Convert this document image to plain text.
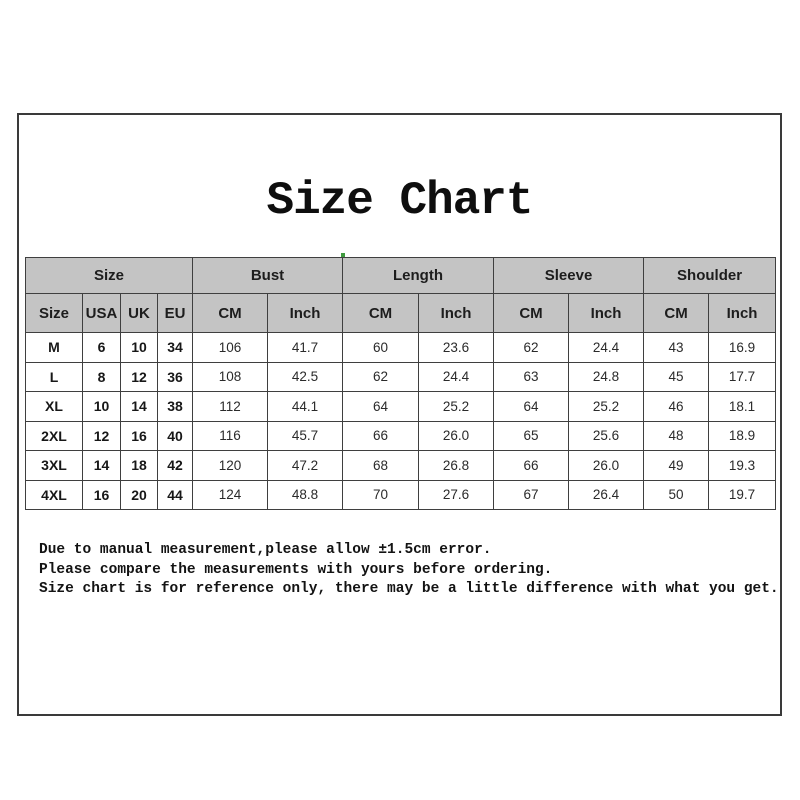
Size Chart
Size				Bust		Length		Sleeve		Shoulder	
Size	USA	UK	EU	CM	Inch	CM	Inch	CM	Inch	CM	Inch
M	6	10	34	106	41.7	60	23.6	62	24.4	43	16.9
L	8	12	36	108	42.5	62	24.4	63	24.8	45	17.7
XL	10	14	38	112	44.1	64	25.2	64	25.2	46	18.1
2XL	12	16	40	116	45.7	66	26.0	65	25.6	48	18.9
3XL	14	18	42	120	47.2	68	26.8	66	26.0	49	19.3
4XL	16	20	44	124	48.8	70	27.6	67	26.4	50	19.7
Due to manual measurement,please allow ±1.5cm error.
Please compare the measurements with yours before ordering.
Size chart is for reference only, there may be a little difference with what you get.
